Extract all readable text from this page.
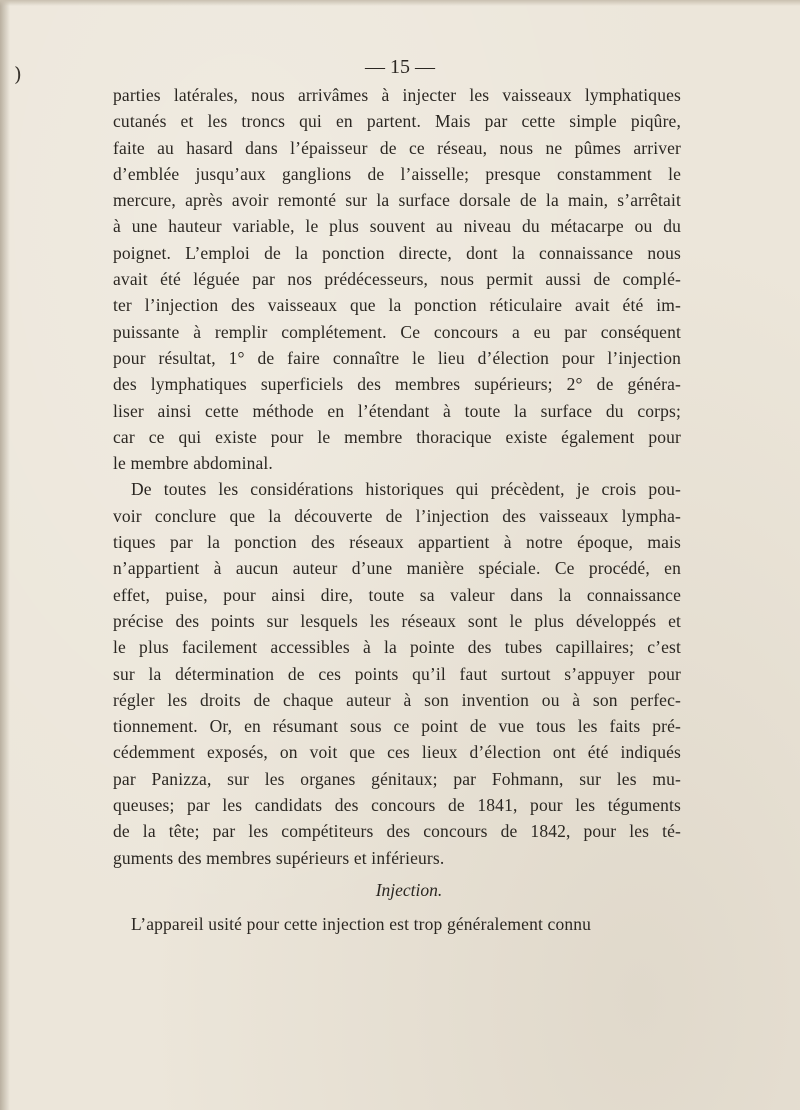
)	— 15 —
parties latérales, nous arrivâmes à injecter les vaisseaux lymphatiques
cutanés et les troncs qui en partent. Mais par cette simple piqûre,
faite au hasard dans l’épaisseur de ce réseau, nous ne pûmes arriver
d’emblée jusqu’aux ganglions de l’aisselle; presque constamment le
mercure, après avoir remonté sur la surface dorsale de la main, s’arrêtait
à une hauteur variable, le plus souvent au niveau du métacarpe ou du
poignet. L’emploi de la ponction directe, dont la connaissance nous
avait été léguée par nos prédécesseurs, nous permit aussi de complé-
ter l’injection des vaisseaux que la ponction réticulaire avait été im-
puissante à remplir complétement. Ce concours a eu par conséquent
pour résultat, 1° de faire connaître le lieu d’élection pour l’injection
des lymphatiques superficiels des membres supérieurs; 2° de généra-
liser ainsi cette méthode en l’étendant à toute la surface du corps;
car ce qui existe pour le membre thoracique existe également pour
le membre abdominal.
De toutes les considérations historiques qui précèdent, je crois pou-
voir conclure que la découverte de l’injection des vaisseaux lympha-
tiques par la ponction des réseaux appartient à notre époque, mais
n’appartient à aucun auteur d’une manière spéciale. Ce procédé, en
effet, puise, pour ainsi dire, toute sa valeur dans la connaissance
précise des points sur lesquels les réseaux sont le plus développés et
le plus facilement accessibles à la pointe des tubes capillaires; c’est
sur la détermination de ces points qu’il faut surtout s’appuyer pour
régler les droits de chaque auteur à son invention ou à son perfec-
tionnement. Or, en résumant sous ce point de vue tous les faits pré-
cédemment exposés, on voit que ces lieux d’élection ont été indiqués
par Panizza, sur les organes génitaux; par Fohmann, sur les mu-
queuses; par les candidats des concours de 1841, pour les téguments
de la tête; par les compétiteurs des concours de 1842, pour les té-
guments des membres supérieurs et inférieurs.
Injection.
L’appareil usité pour cette injection est trop généralement connu
